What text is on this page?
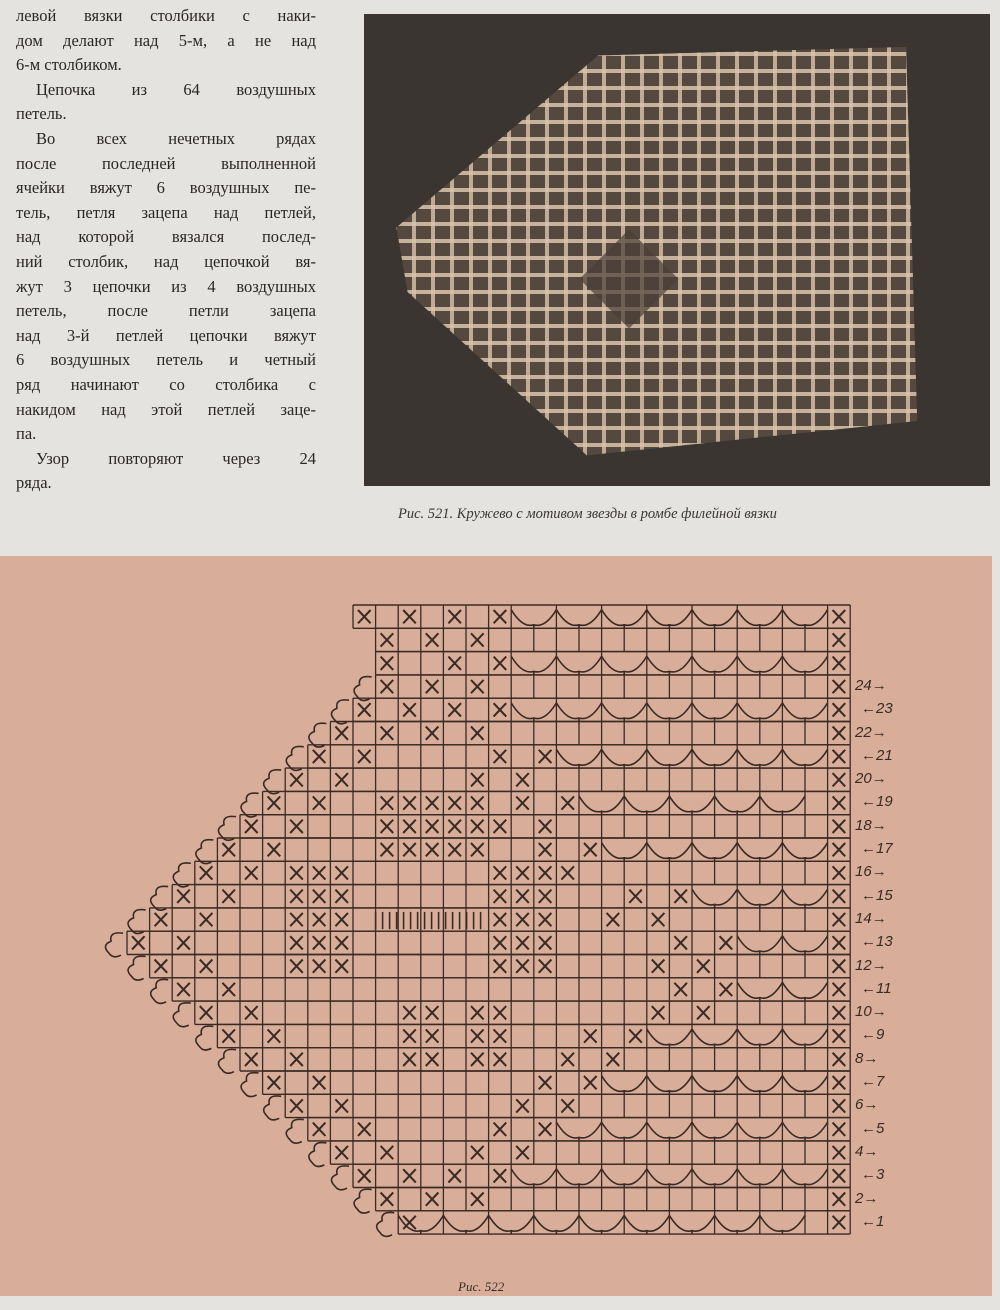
левой вязки столбики с наки-
дом делают над 5-м, а не над
6-м столбиком.
Цепочка из 64 воздушных
петель.
Во всех нечетных рядах
после последней выполненной
ячейки вяжут 6 воздушных пе-
тель, петля зацепа над петлей,
над которой вязался послед-
ний столбик, над цепочкой вя-
жут 3 цепочки из 4 воздушных
петель, после петли зацепа
над 3-й петлей цепочки вяжут
6 воздушных петель и четный
ряд начинают со столбика с
накидом над этой петлей заце-
па.
Узор повторяют через 24
ряда.
Рис. 521. Кружево с мотивом звезды в ромбе филейной вязки
24→
←23
22→
←21
20→
←19
18→
←17
16→
←15
14→
←13
12→
←11
10→
←9
8→
←7
6→
←5
4→
←3
2→
←1
Рис. 522
